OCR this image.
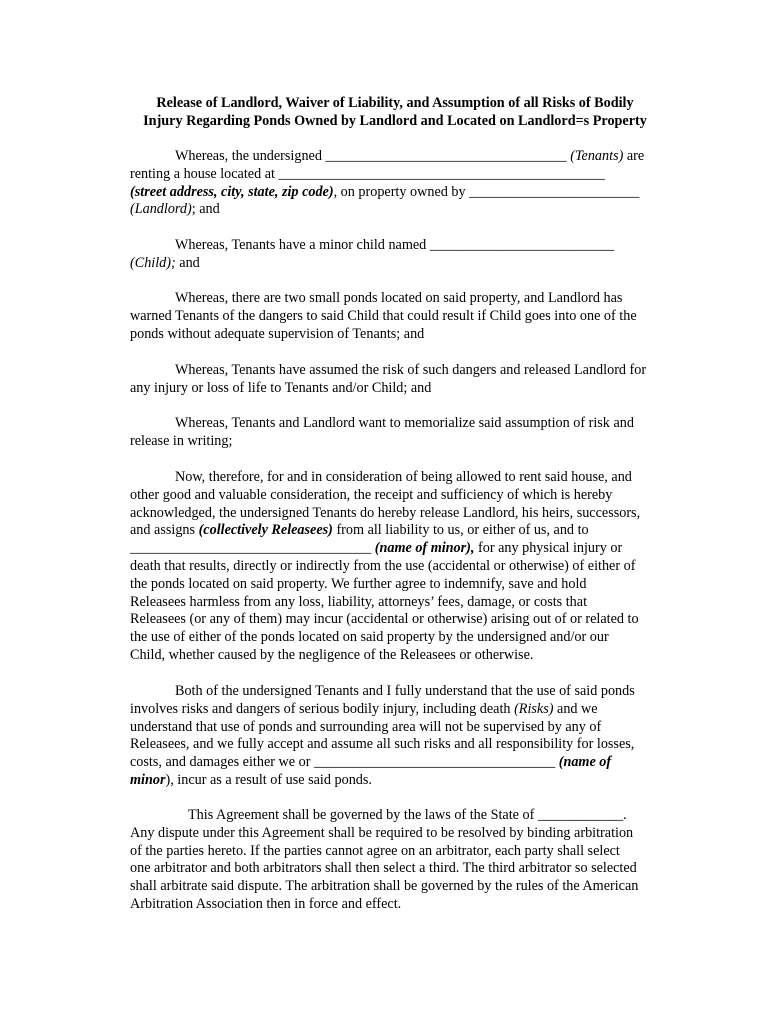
Release of Landlord, Waiver of Liability, and Assumption of all Risks of Bodily
Injury Regarding Ponds Owned by Landlord and Located on Landlord=s Property
Whereas, the undersigned __________________________________ (Tenants) are
renting a house located at ______________________________________________
(street address, city, state, zip code), on property owned by ________________________
(Landlord); and
Whereas, Tenants have a minor child named __________________________
(Child); and
Whereas, there are two small ponds located on said property, and Landlord has
warned Tenants of the dangers to said Child that could result if Child goes into one of the
ponds without adequate supervision of Tenants; and
Whereas, Tenants have assumed the risk of such dangers and released Landlord for
any injury or loss of life to Tenants and/or Child; and
Whereas, Tenants and Landlord want to memorialize said assumption of risk and
release in writing;
Now, therefore, for and in consideration of being allowed to rent said house, and
other good and valuable consideration, the receipt and sufficiency of which is hereby
acknowledged, the undersigned Tenants do hereby release Landlord, his heirs, successors,
and assigns (collectively Releasees) from all liability to us, or either of us, and to
__________________________________ (name of minor), for any physical injury or
death that results, directly or indirectly from the use (accidental or otherwise) of either of
the ponds located on said property. We further agree to indemnify, save and hold
Releasees harmless from any loss, liability, attorneys’ fees, damage, or costs that
Releasees (or any of them) may incur (accidental or otherwise) arising out of or related to
the use of either of the ponds located on said property by the undersigned and/or our
Child, whether caused by the negligence of the Releasees or otherwise.
Both of the undersigned Tenants and I fully understand that the use of said ponds
involves risks and dangers of serious bodily injury, including death (Risks) and we
understand that use of ponds and surrounding area will not be supervised by any of
Releasees, and we fully accept and assume all such risks and all responsibility for losses,
costs, and damages either we or __________________________________ (name of
minor), incur as a result of use said ponds.
This Agreement shall be governed by the laws of the State of ____________.
Any dispute under this Agreement shall be required to be resolved by binding arbitration
of the parties hereto. If the parties cannot agree on an arbitrator, each party shall select
one arbitrator and both arbitrators shall then select a third. The third arbitrator so selected
shall arbitrate said dispute. The arbitration shall be governed by the rules of the American
Arbitration Association then in force and effect.
